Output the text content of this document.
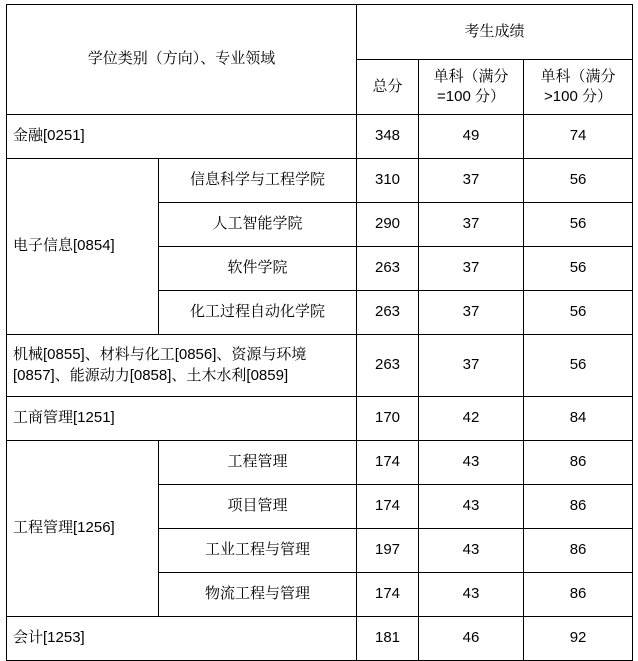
学位类别（方向）、专业领域		考生成绩		
		总分	单科（满分=100 分）	单科（满分>100 分）
金融[0251]		348	49	74
电子信息[0854]	信息科学与工程学院	310	37	56
	人工智能学院	290	37	56
	软件学院	263	37	56
	化工过程自动化学院	263	37	56
机械[0855]、材料与化工[0856]、资源与环境[0857]、能源动力[0858]、土木水利[0859]		263	37	56
工商管理[1251]		170	42	84
工程管理[1256]	工程管理	174	43	86
	项目管理	174	43	86
	工业工程与管理	197	43	86
	物流工程与管理	174	43	86
会计[1253]		181	46	92
